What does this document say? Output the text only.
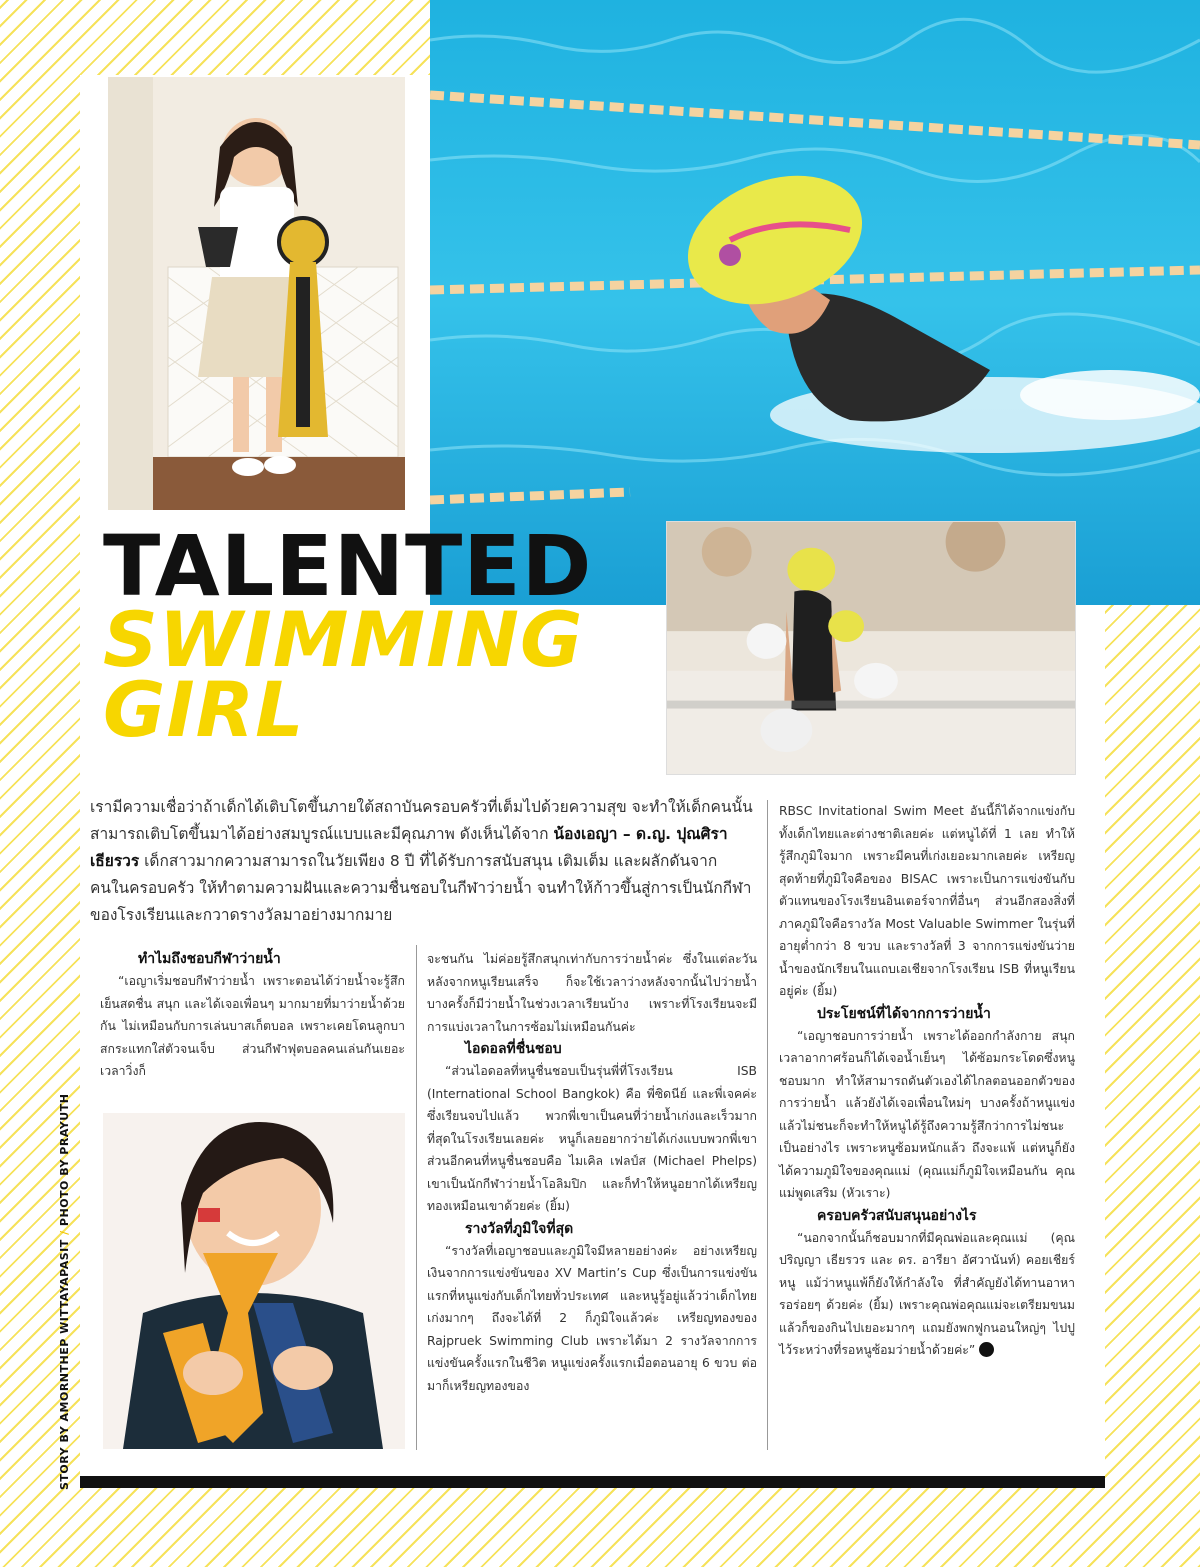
TALENTED
SWIMMING
GIRL
เรามีความเชื่อว่าถ้าเด็กได้เติบโตขึ้นภายใต้สถาบันครอบครัวที่เต็มไปด้วยความสุข จะทำให้เด็กคนนั้นสามารถเติบโตขึ้นมาได้อย่างสมบูรณ์แบบและมีคุณภาพ ดังเห็นได้จาก น้องเอญา – ด.ญ. ปุณศิรา เธียรวร เด็กสาวมากความสามารถในวัยเพียง 8 ปี ที่ได้รับการสนับสนุน เติมเต็ม และผลักดันจากคนในครอบครัว ให้ทำตามความฝันและความชื่นชอบในกีฬาว่ายน้ำ จนทำให้ก้าวขึ้นสู่การเป็นนักกีฬาของโรงเรียนและกวาดรางวัลมาอย่างมากมาย
ทำไมถึงชอบกีฬาว่ายน้ำ

“เอญาเริ่มชอบกีฬาว่ายน้ำ เพราะตอนได้ว่ายน้ำจะรู้สึกเย็นสดชื่น สนุก และได้เจอเพื่อนๆ มากมายที่มาว่ายน้ำด้วยกัน ไม่เหมือนกับการเล่นบาสเก็ตบอล เพราะเคยโดนลูกบาสกระแทกใส่ตัวจนเจ็บ ส่วนกีฬาฟุตบอลคนเล่นกันเยอะ เวลาวิ่งก็

จะชนกัน ไม่ค่อยรู้สึกสนุกเท่ากับการว่ายน้ำค่ะ ซึ่งในแต่ละวันหลังจากหนูเรียนเสร็จ ก็จะใช้เวลาว่างหลังจากนั้นไปว่ายน้ำ บางครั้งก็มีว่ายน้ำในช่วงเวลาเรียนบ้าง เพราะที่โรงเรียนจะมีการแบ่งเวลาในการซ้อมไม่เหมือนกันค่ะ

ไอดอลที่ชื่นชอบ

“ส่วนไอดอลที่หนูชื่นชอบเป็นรุ่นพี่ที่โรงเรียน ISB (International School Bangkok) คือ พี่ซิดนีย์ และพี่เจคค่ะ ซึ่งเรียนจบไปแล้ว พวกพี่เขาเป็นคนที่ว่ายน้ำเก่งและเร็วมากที่สุดในโรงเรียนเลยค่ะ หนูก็เลยอยากว่ายได้เก่งแบบพวกพี่เขา ส่วนอีกคนที่หนูชื่นชอบคือ ไมเคิล เฟลป์ส (Michael Phelps) เขาเป็นนักกีฬาว่ายน้ำโอลิมปิก และก็ทำให้หนูอยากได้เหรียญทองเหมือนเขาด้วยค่ะ (ยิ้ม)

รางวัลที่ภูมิใจที่สุด

“รางวัลที่เอญาชอบและภูมิใจมีหลายอย่างค่ะ อย่างเหรียญเงินจากการแข่งขันของ XV Martin’s Cup ซึ่งเป็นการแข่งขันแรกที่หนูแข่งกับเด็กไทยทั่วประเทศ และหนูรู้อยู่แล้วว่าเด็กไทยเก่งมากๆ ถึงจะได้ที่ 2 ก็ภูมิใจแล้วค่ะ เหรียญทองของ Rajpruek Swimming Club เพราะได้มา 2 รางวัลจากการแข่งขันครั้งแรกในชีวิต หนูแข่งครั้งแรกเมื่อตอนอายุ 6 ขวบ ต่อมาก็เหรียญทองของ

RBSC Invitational Swim Meet อันนี้ก็ได้จากแข่งกับทั้งเด็กไทยและต่างชาติเลยค่ะ แต่หนูได้ที่ 1 เลย ทำให้รู้สึกภูมิใจมาก เพราะมีคนที่เก่งเยอะมากเลยค่ะ เหรียญสุดท้ายที่ภูมิใจคือของ BISAC เพราะเป็นการแข่งขันกับตัวแทนของโรงเรียนอินเตอร์จากที่อื่นๆ ส่วนอีกสองสิ่งที่ภาคภูมิใจคือรางวัล Most Valuable Swimmer ในรุ่นที่อายุต่ำกว่า 8 ขวบ และรางวัลที่ 3 จากการแข่งขันว่ายน้ำของนักเรียนในแถบเอเชียจากโรงเรียน ISB ที่หนูเรียนอยู่ค่ะ (ยิ้ม)

ประโยชน์ที่ได้จากการว่ายน้ำ

“เอญาชอบการว่ายน้ำ เพราะได้ออกกำลังกาย สนุก เวลาอากาศร้อนก็ได้เจอน้ำเย็นๆ ได้ซ้อมกระโดดซึ่งหนูชอบมาก ทำให้สามารถดันตัวเองได้ไกลตอนออกตัวของการว่ายน้ำ แล้วยังได้เจอเพื่อนใหม่ๆ บางครั้งถ้าหนูแข่งแล้วไม่ชนะก็จะทำให้หนูได้รู้ถึงความรู้สึกว่าการไม่ชนะเป็นอย่างไร เพราะหนูซ้อมหนักแล้ว ถึงจะแพ้ แต่หนูก็ยังได้ความภูมิใจของคุณแม่ (คุณแม่ก็ภูมิใจเหมือนกัน คุณแม่พูดเสริม (หัวเราะ)

ครอบครัวสนับสนุนอย่างไร

“นอกจากนั้นก็ชอบมากที่มีคุณพ่อและคุณแม่ (คุณปริญญา เธียรวร และ ดร. อารียา อัศวานันท์) คอยเชียร์หนู แม้ว่าหนูแพ้ก็ยังให้กำลังใจ ที่สำคัญยังได้ทานอาหารอร่อยๆ ด้วยค่ะ (ยิ้ม) เพราะคุณพ่อคุณแม่จะเตรียมขนมแล้วก็ของกินไปเยอะมากๆ แถมยังพกฟูกนอนใหญ่ๆ ไปปูไว้ระหว่างที่รอหนูซ้อมว่ายน้ำด้วยค่ะ”

STORY BY AMORNTHEP WITTAYAPASIT / PHOTO BY PRAYUTH
